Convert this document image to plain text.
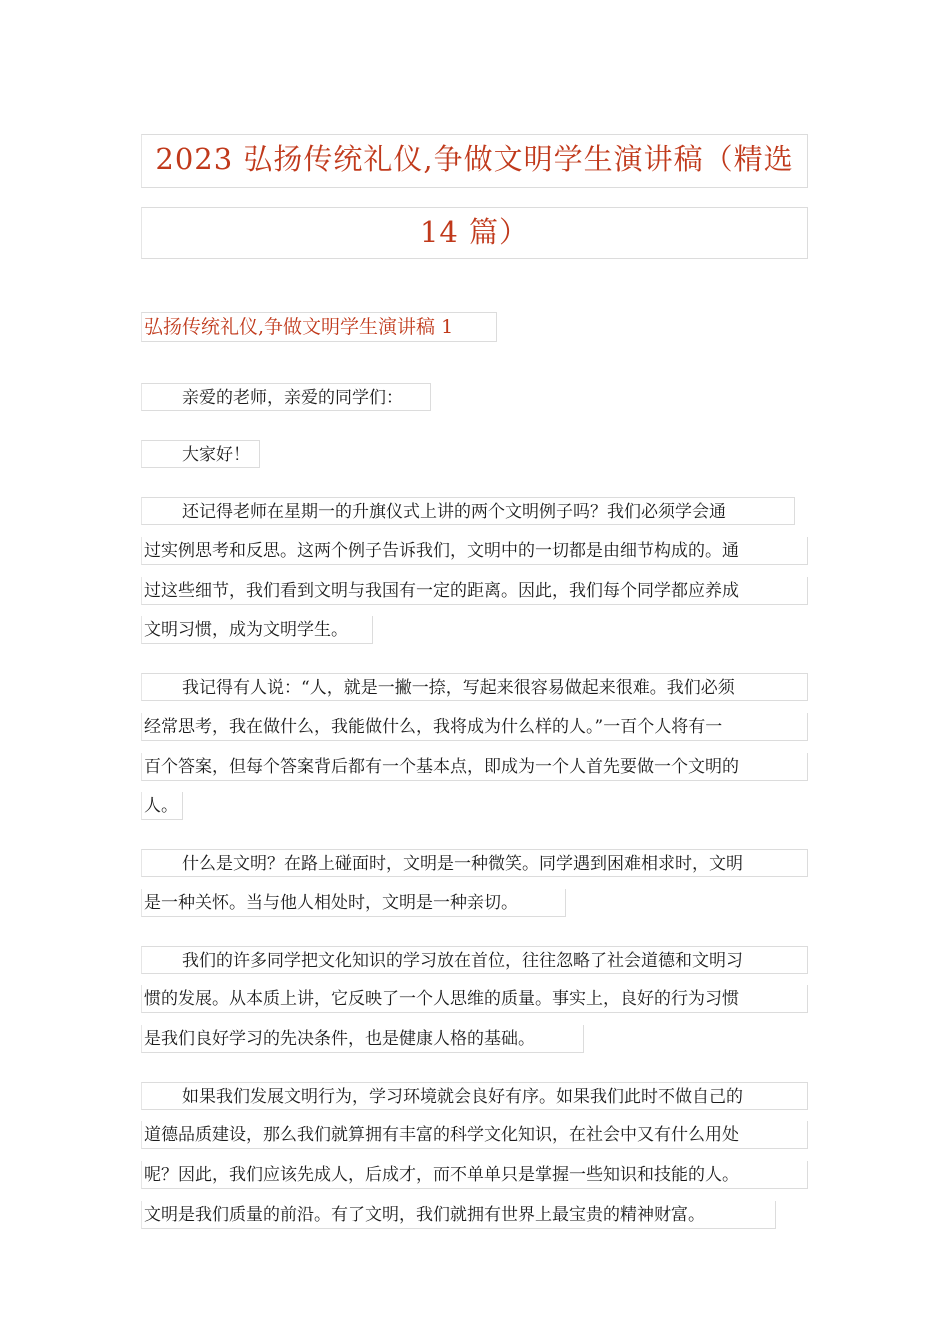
2023 弘扬传统礼仪,争做文明学生演讲稿（精选
14 篇）
弘扬传统礼仪,争做文明学生演讲稿 1
亲爱的老师，亲爱的同学们：
大家好！
还记得老师在星期一的升旗仪式上讲的两个文明例子吗？我们必须学会通
过实例思考和反思。这两个例子告诉我们，文明中的一切都是由细节构成的。通
过这些细节，我们看到文明与我国有一定的距离。因此，我们每个同学都应养成
文明习惯，成为文明学生。
我记得有人说：“人，就是一撇一捺，写起来很容易做起来很难。我们必须
经常思考，我在做什么，我能做什么，我将成为什么样的人。”一百个人将有一
百个答案，但每个答案背后都有一个基本点，即成为一个人首先要做一个文明的
人。
什么是文明？在路上碰面时，文明是一种微笑。同学遇到困难相求时，文明
是一种关怀。当与他人相处时，文明是一种亲切。
我们的许多同学把文化知识的学习放在首位，往往忽略了社会道德和文明习
惯的发展。从本质上讲，它反映了一个人思维的质量。事实上，良好的行为习惯
是我们良好学习的先决条件，也是健康人格的基础。
如果我们发展文明行为，学习环境就会良好有序。如果我们此时不做自己的
道德品质建设，那么我们就算拥有丰富的科学文化知识，在社会中又有什么用处
呢？因此，我们应该先成人，后成才，而不单单只是掌握一些知识和技能的人。
文明是我们质量的前沿。有了文明，我们就拥有世界上最宝贵的精神财富。
